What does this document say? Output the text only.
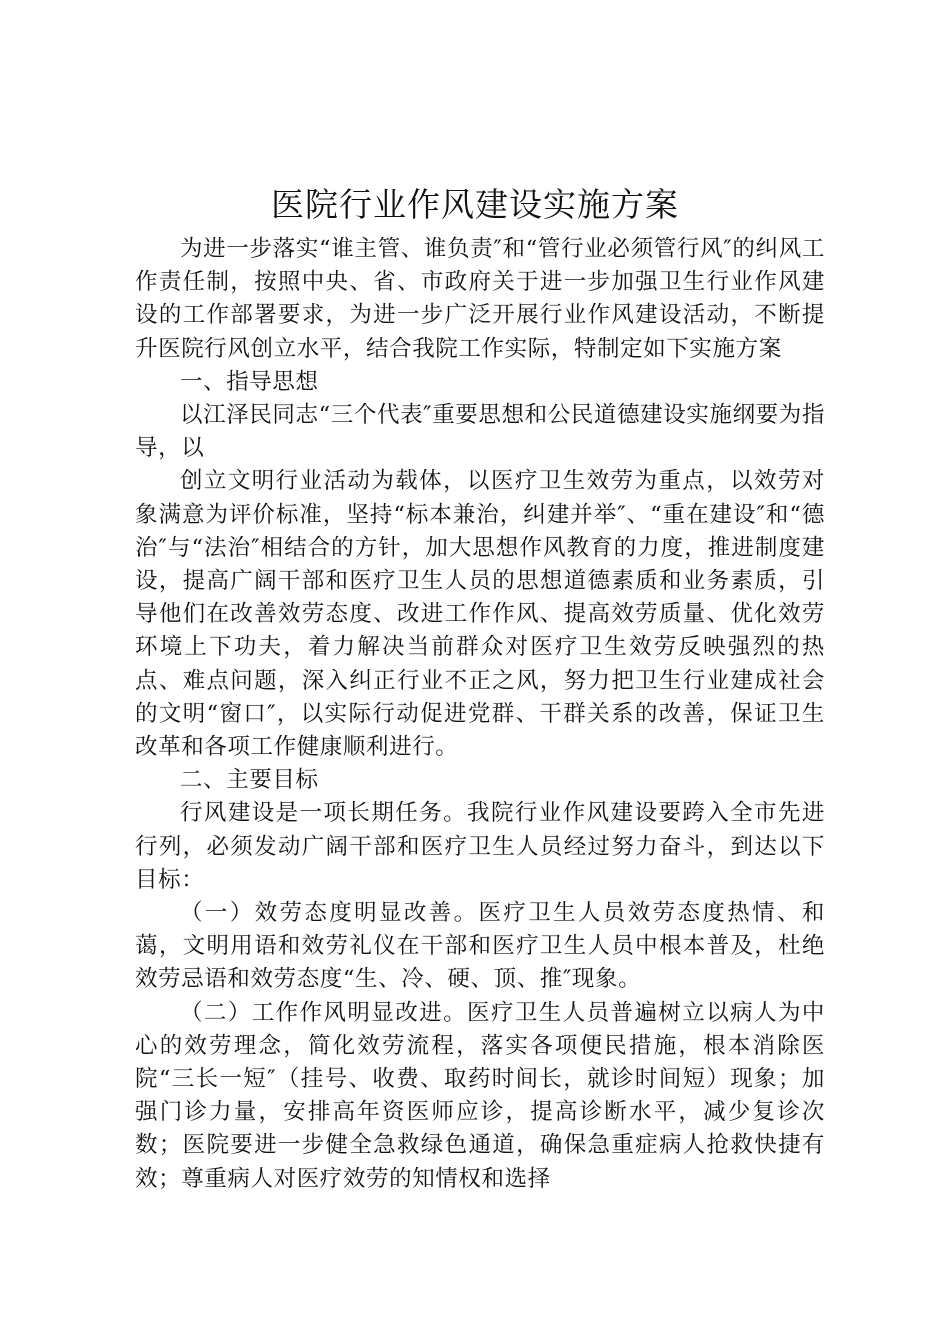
医院行业作风建设实施方案

为进一步落实“谁主管、谁负责″和“管行业必须管行风″的纠风工作责任制，按照中央、省、市政府关于进一步加强卫生行业作风建设的工作部署要求，为进一步广泛开展行业作风建设活动，不断提升医院行风创立水平，结合我院工作实际，特制定如下实施方案

一、指导思想

以江泽民同志“三个代表″重要思想和公民道德建设实施纲要为指导，以

创立文明行业活动为载体，以医疗卫生效劳为重点，以效劳对象满意为评价标准，坚持“标本兼治，纠建并举″、“重在建设″和“德治″与“法治″相结合的方针，加大思想作风教育的力度，推进制度建设，提高广阔干部和医疗卫生人员的思想道德素质和业务素质，引导他们在改善效劳态度、改进工作作风、提高效劳质量、优化效劳环境上下功夫，着力解决当前群众对医疗卫生效劳反映强烈的热点、难点问题，深入纠正行业不正之风，努力把卫生行业建成社会的文明“窗口″，以实际行动促进党群、干群关系的改善，保证卫生改革和各项工作健康顺利进行。

二、主要目标

行风建设是一项长期任务。我院行业作风建设要跨入全市先进行列，必须发动广阔干部和医疗卫生人员经过努力奋斗，到达以下目标：

（一）效劳态度明显改善。医疗卫生人员效劳态度热情、和蔼，文明用语和效劳礼仪在干部和医疗卫生人员中根本普及，杜绝效劳忌语和效劳态度“生、冷、硬、顶、推″现象。

（二）工作作风明显改进。医疗卫生人员普遍树立以病人为中心的效劳理念，简化效劳流程，落实各项便民措施，根本消除医院“三长一短″（挂号、收费、取药时间长，就诊时间短）现象；加强门诊力量，安排高年资医师应诊，提高诊断水平，减少复诊次数；医院要进一步健全急救绿色通道，确保急重症病人抢救快捷有效；尊重病人对医疗效劳的知情权和选择
